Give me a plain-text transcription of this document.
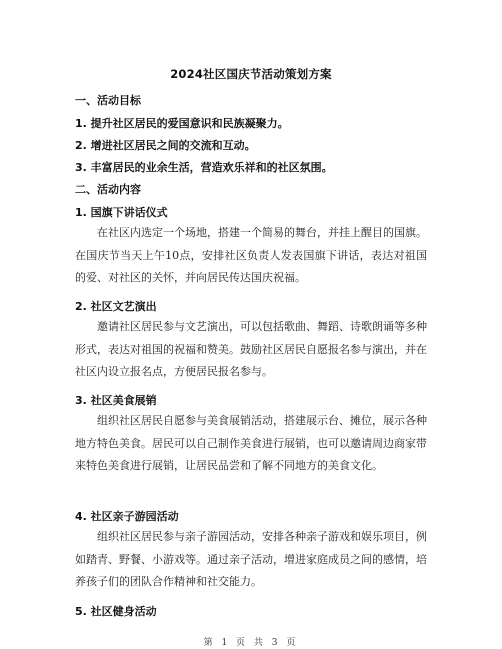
2024社区国庆节活动策划方案
一、活动目标
1. 提升社区居民的爱国意识和民族凝聚力。
2. 增进社区居民之间的交流和互动。
3. 丰富居民的业余生活，营造欢乐祥和的社区氛围。
二、活动内容
1. 国旗下讲话仪式
在社区内选定一个场地，搭建一个简易的舞台，并挂上醒目的国旗。在国庆节当天上午10点，安排社区负责人发表国旗下讲话，表达对祖国的爱、对社区的关怀，并向居民传达国庆祝福。
2. 社区文艺演出
邀请社区居民参与文艺演出，可以包括歌曲、舞蹈、诗歌朗诵等多种形式，表达对祖国的祝福和赞美。鼓励社区居民自愿报名参与演出，并在社区内设立报名点，方便居民报名参与。
3. 社区美食展销
组织社区居民自愿参与美食展销活动，搭建展示台、摊位，展示各种地方特色美食。居民可以自己制作美食进行展销，也可以邀请周边商家带来特色美食进行展销，让居民品尝和了解不同地方的美食文化。
4. 社区亲子游园活动
组织社区居民参与亲子游园活动，安排各种亲子游戏和娱乐项目，例如踏青、野餐、小游戏等。通过亲子活动，增进家庭成员之间的感情，培养孩子们的团队合作精神和社交能力。
5. 社区健身活动
第 1 页 共 3 页
